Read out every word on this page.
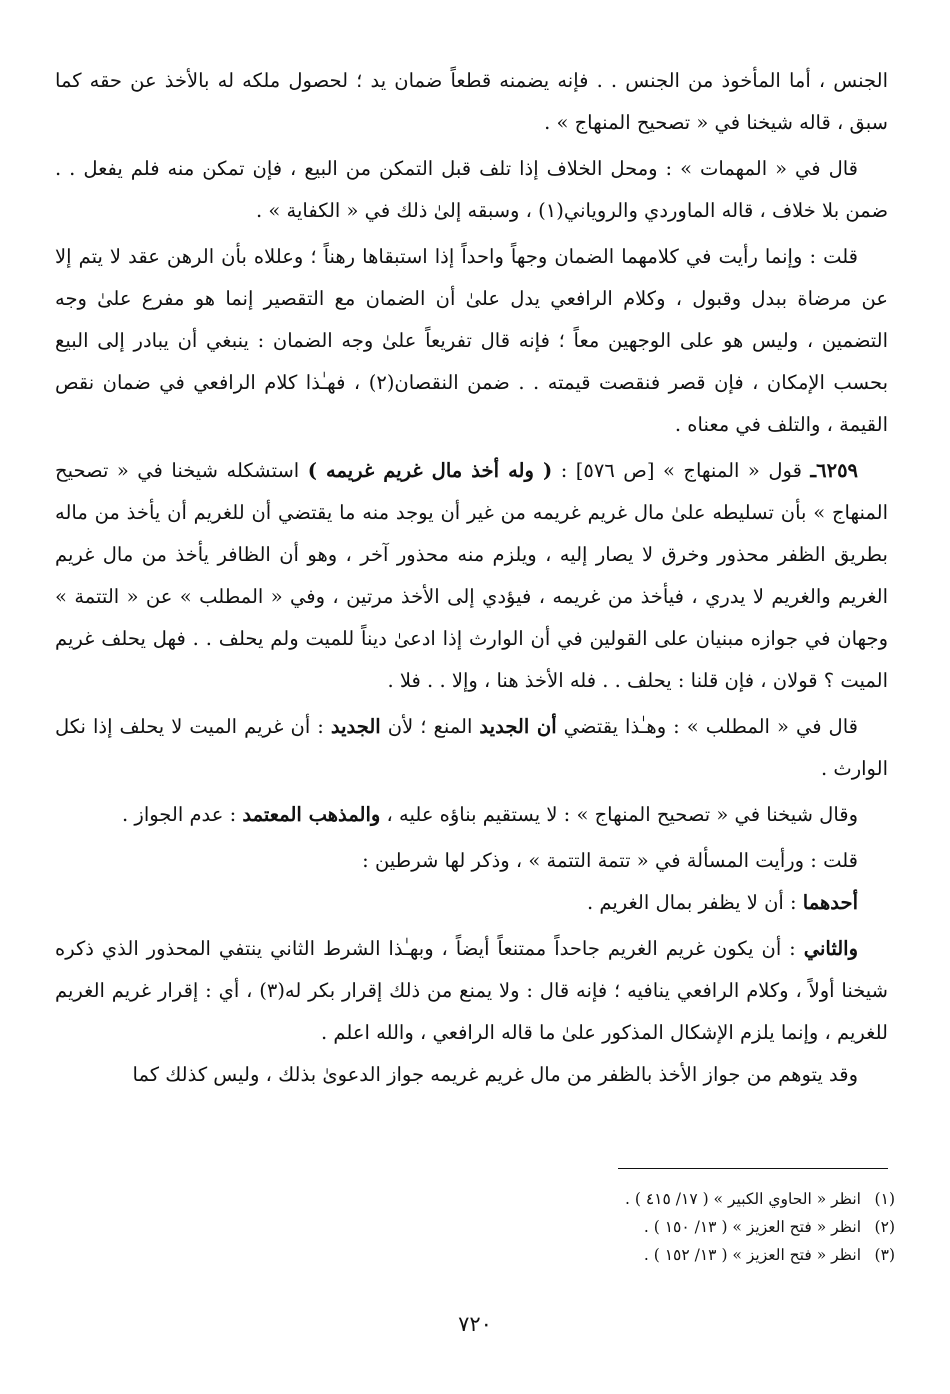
الجنس ، أما المأخوذ من الجنس . . فإنه يضمنه قطعاً ضمان يد ؛ لحصول ملكه له بالأخذ عن حقه كما سبق ، قاله شيخنا في « تصحيح المنهاج » .

قال في « المهمات » : ومحل الخلاف إذا تلف قبل التمكن من البيع ، فإن تمكن منه فلم يفعل . . ضمن بلا خلاف ، قاله الماوردي والروياني(١) ، وسبقه إلىٰ ذلك في « الكفاية » .

قلت : وإنما رأيت في كلامهما الضمان وجهاً واحداً إذا استبقاها رهناً ؛ وعللاه بأن الرهن عقد لا يتم إلا عن مرضاة ببدل وقبول ، وكلام الرافعي يدل علىٰ أن الضمان مع التقصير إنما هو مفرع علىٰ وجه التضمين ، وليس هو على الوجهين معاً ؛ فإنه قال تفريعاً علىٰ وجه الضمان : ينبغي أن يبادر إلى البيع بحسب الإمكان ، فإن قصر فنقصت قيمته . . ضمن النقصان(٢) ، فهـٰذا كلام الرافعي في ضمان نقص القيمة ، والتلف في معناه .

٦٢٥٩ـ قول « المنهاج » [ص ٥٧٦] : ( وله أخذ مال غريم غريمه ) استشكله شيخنا في « تصحيح المنهاج » بأن تسليطه علىٰ مال غريم غريمه من غير أن يوجد منه ما يقتضي أن للغريم أن يأخذ من ماله بطريق الظفر محذور وخرق لا يصار إليه ، ويلزم منه محذور آخر ، وهو أن الظافر يأخذ من مال غريم الغريم والغريم لا يدري ، فيأخذ من غريمه ، فيؤدي إلى الأخذ مرتين ، وفي « المطلب » عن « التتمة » وجهان في جوازه مبنيان على القولين في أن الوارث إذا ادعىٰ ديناً للميت ولم يحلف . . فهل يحلف غريم الميت ؟ قولان ، فإن قلنا : يحلف . . فله الأخذ هنا ، وإلا . . فلا .

قال في « المطلب » : وهـٰذا يقتضي أن الجديد المنع ؛ لأن الجديد : أن غريم الميت لا يحلف إذا نكل الوارث .

وقال شيخنا في « تصحيح المنهاج » : لا يستقيم بناؤه عليه ، والمذهب المعتمد : عدم الجواز .

قلت : ورأيت المسألة في « تتمة التتمة » ، وذكر لها شرطين :

أحدهما : أن لا يظفر بمال الغريم .

والثاني : أن يكون غريم الغريم جاحداً ممتنعاً أيضاً ، وبهـٰذا الشرط الثاني ينتفي المحذور الذي ذكره شيخنا أولاً ، وكلام الرافعي ينافيه ؛ فإنه قال : ولا يمنع من ذلك إقرار بكر له(٣) ، أي : إقرار غريم الغريم للغريم ، وإنما يلزم الإشكال المذكور علىٰ ما قاله الرافعي ، والله اعلم .

وقد يتوهم من جواز الأخذ بالظفر من مال غريم غريمه جواز الدعوىٰ بذلك ، وليس كذلك كما

(١)انظر « الحاوي الكبير » ( ١٧/ ٤١٥ ) .
(٢)انظر « فتح العزيز » ( ١٣/ ١٥٠ ) .
(٣)انظر « فتح العزيز » ( ١٣/ ١٥٢ ) .
٧٢٠
